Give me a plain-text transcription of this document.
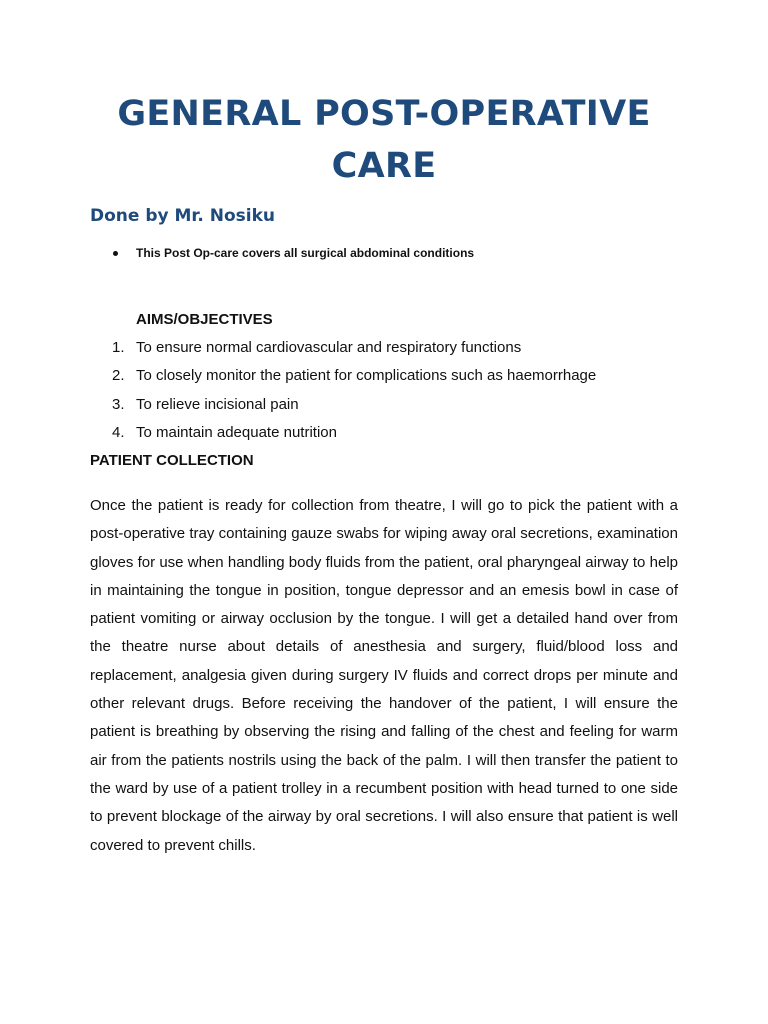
GENERAL POST-OPERATIVE
CARE
Done by Mr. Nosiku
This Post Op-care covers all surgical abdominal conditions
AIMS/OBJECTIVES
1. To ensure normal cardiovascular and respiratory functions
2. To closely monitor the patient for complications such as haemorrhage
3. To relieve incisional pain
4. To maintain adequate nutrition
PATIENT COLLECTION

Once the patient is ready for collection from theatre, I will go to pick the patient with a post-operative tray containing gauze swabs for wiping away oral secretions, examination gloves for use when handling body fluids from the patient, oral pharyngeal airway to help in maintaining the tongue in position, tongue depressor and an emesis bowl in case of patient vomiting or airway occlusion by the tongue. I will get a detailed hand over from the theatre nurse about details of anesthesia and surgery, fluid/blood loss and replacement, analgesia given during surgery IV fluids and correct drops per minute and other relevant drugs. Before receiving the handover of the patient, I will ensure the patient is breathing by observing the rising and falling of the chest and feeling for warm air from the patients nostrils using the back of the palm. I will then transfer the patient to the ward by use of a patient trolley in a recumbent position with head turned to one side to prevent blockage of the airway by oral secretions. I will also ensure that patient is well covered to prevent chills.
